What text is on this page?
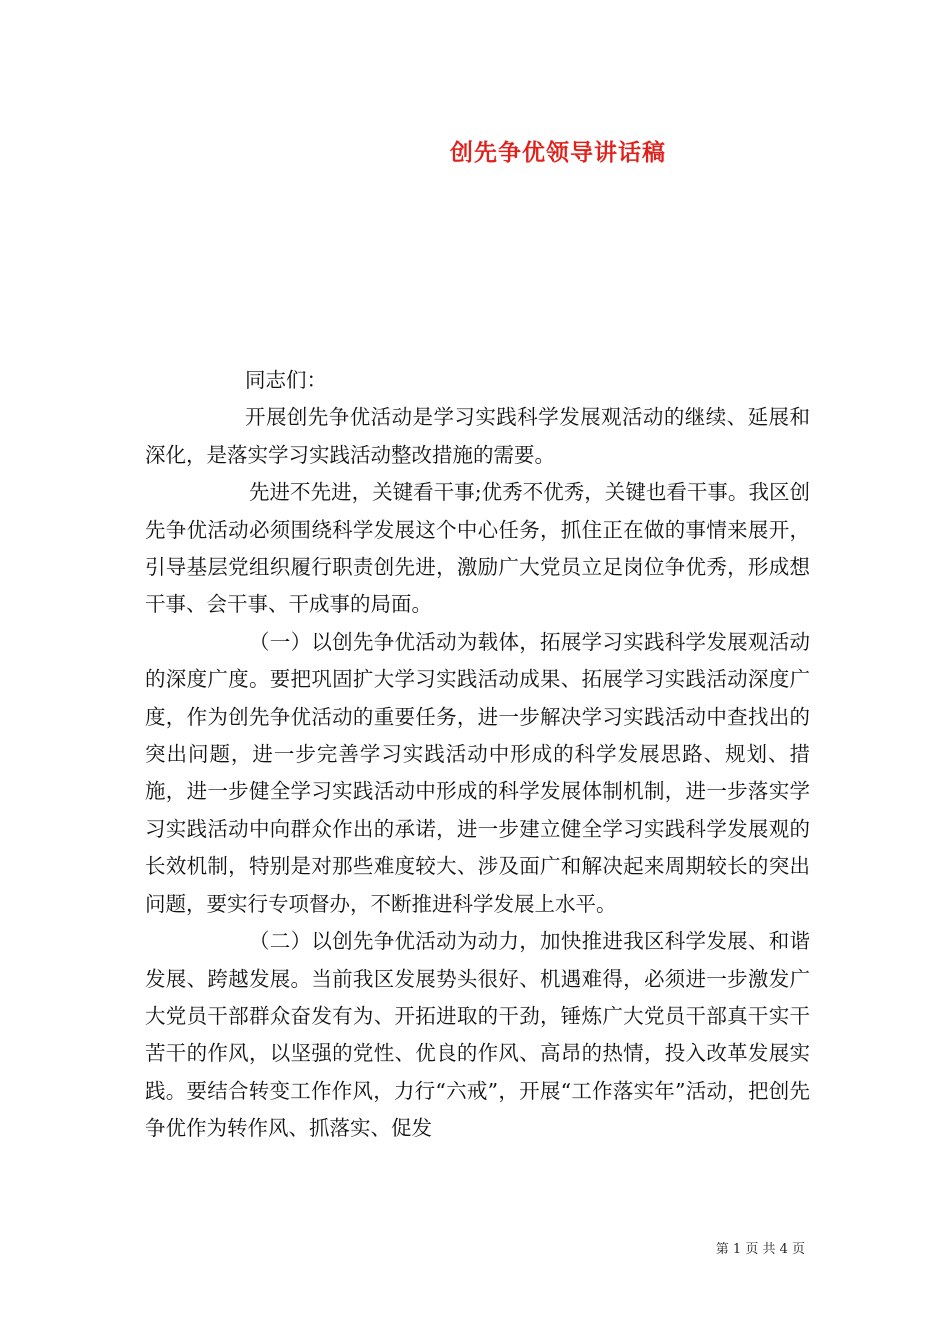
创先争优领导讲话稿

同志们：

开展创先争优活动是学习实践科学发展观活动的继续、延展和深化，是落实学习实践活动整改措施的需要。

先进不先进，关键看干事;优秀不优秀，关键也看干事。我区创先争优活动必须围绕科学发展这个中心任务，抓住正在做的事情来展开，引导基层党组织履行职责创先进，激励广大党员立足岗位争优秀，形成想干事、会干事、干成事的局面。

（一）以创先争优活动为载体，拓展学习实践科学发展观活动的深度广度。要把巩固扩大学习实践活动成果、拓展学习实践活动深度广度，作为创先争优活动的重要任务，进一步解决学习实践活动中查找出的突出问题，进一步完善学习实践活动中形成的科学发展思路、规划、措施，进一步健全学习实践活动中形成的科学发展体制机制，进一步落实学习实践活动中向群众作出的承诺，进一步建立健全学习实践科学发展观的长效机制，特别是对那些难度较大、涉及面广和解决起来周期较长的突出问题，要实行专项督办，不断推进科学发展上水平。

（二）以创先争优活动为动力，加快推进我区科学发展、和谐发展、跨越发展。当前我区发展势头很好、机遇难得，必须进一步激发广大党员干部群众奋发有为、开拓进取的干劲，锤炼广大党员干部真干实干苦干的作风，以坚强的党性、优良的作风、高昂的热情，投入改革发展实践。要结合转变工作作风，力行“六戒”，开展“工作落实年”活动，把创先争优作为转作风、抓落实、促发

第 1 页 共 4 页
